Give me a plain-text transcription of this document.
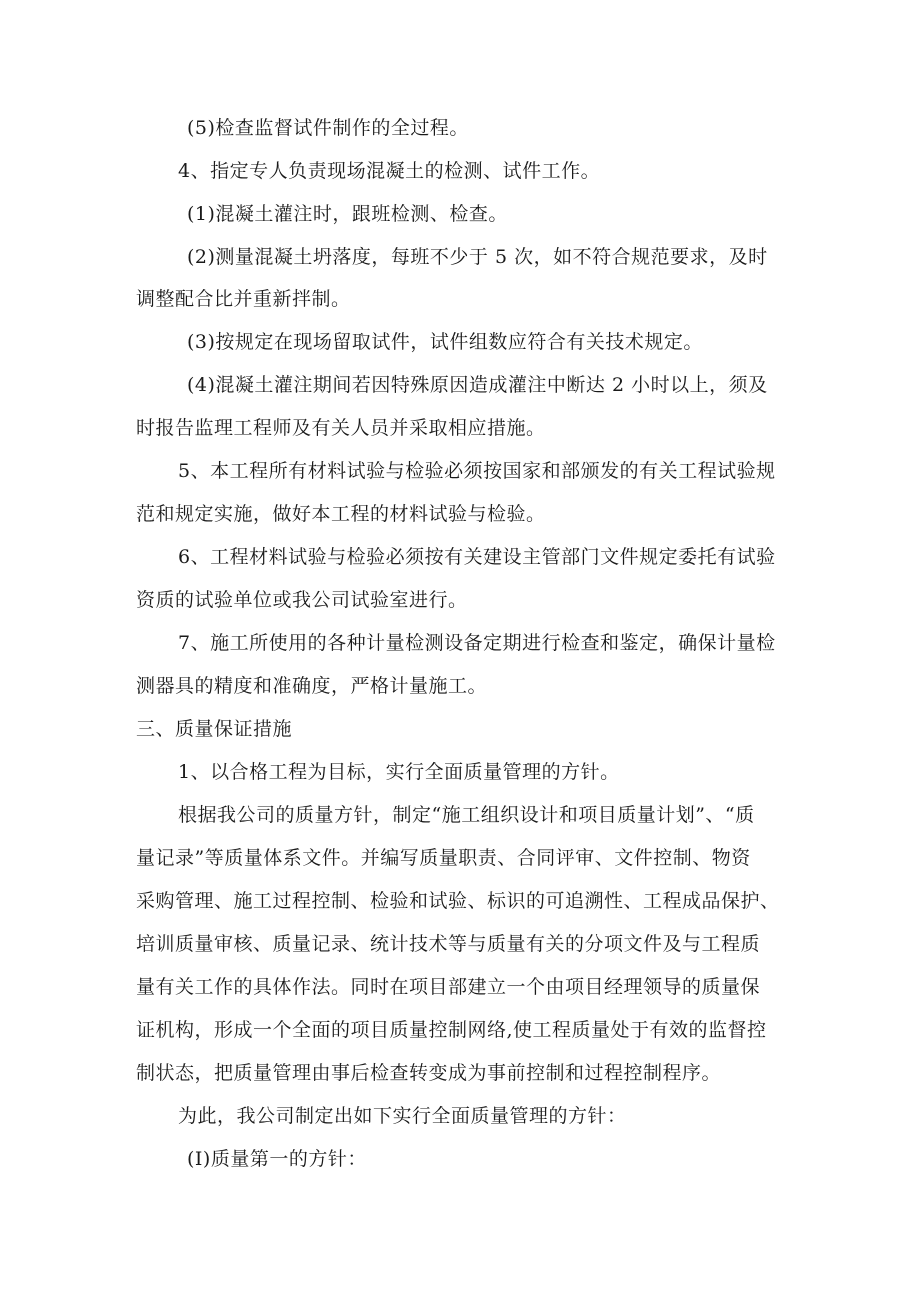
(5)检查监督试件制作的全过程。
4、指定专人负责现场混凝土的检测、试件工作。
(1)混凝土灌注时，跟班检测、检查。
(2)测量混凝土坍落度，每班不少于 5 次，如不符合规范要求，及时
调整配合比并重新拌制。
(3)按规定在现场留取试件，试件组数应符合有关技术规定。
(4)混凝土灌注期间若因特殊原因造成灌注中断达 2 小时以上，须及
时报告监理工程师及有关人员并采取相应措施。
5、本工程所有材料试验与检验必须按国家和部颁发的有关工程试验规
范和规定实施，做好本工程的材料试验与检验。
6、工程材料试验与检验必须按有关建设主管部门文件规定委托有试验
资质的试验单位或我公司试验室进行。
7、施工所使用的各种计量检测设备定期进行检查和鉴定，确保计量检
测器具的精度和准确度，严格计量施工。
三、质量保证措施
1、以合格工程为目标，实行全面质量管理的方针。
根据我公司的质量方针，制定“施工组织设计和项目质量计划”、“质
量记录”等质量体系文件。并编写质量职责、合同评审、文件控制、物资
采购管理、施工过程控制、检验和试验、标识的可追溯性、工程成品保护、
培训质量审核、质量记录、统计技术等与质量有关的分项文件及与工程质
量有关工作的具体作法。同时在项目部建立一个由项目经理领导的质量保
证机构，形成一个全面的项目质量控制网络,使工程质量处于有效的监督控
制状态，把质量管理由事后检查转变成为事前控制和过程控制程序。
为此，我公司制定出如下实行全面质量管理的方针：
(I)质量第一的方针：
